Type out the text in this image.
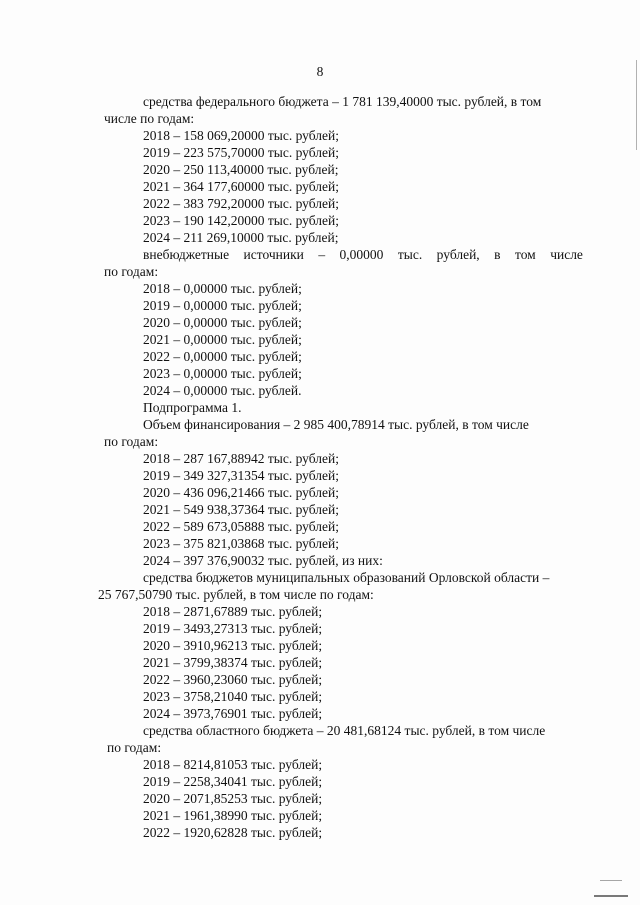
8
средства федерального бюджета – 1 781 139,40000 тыс. рублей, в том
числе по годам:
2018 – 158 069,20000 тыс. рублей;
2019 – 223 575,70000 тыс. рублей;
2020 – 250 113,40000 тыс. рублей;
2021 – 364 177,60000 тыс. рублей;
2022 – 383 792,20000 тыс. рублей;
2023 – 190 142,20000 тыс. рублей;
2024 – 211 269,10000 тыс. рублей;
внебюджетные источники – 0,00000 тыс. рублей, в том числе
по годам:
2018 – 0,00000 тыс. рублей;
2019 – 0,00000 тыс. рублей;
2020 – 0,00000 тыс. рублей;
2021 – 0,00000 тыс. рублей;
2022 – 0,00000 тыс. рублей;
2023 – 0,00000 тыс. рублей;
2024 – 0,00000 тыс. рублей.
Подпрограмма 1.
Объем финансирования – 2 985 400,78914 тыс. рублей, в том числе
по годам:
2018 – 287 167,88942 тыс. рублей;
2019 – 349 327,31354 тыс. рублей;
2020 – 436 096,21466 тыс. рублей;
2021 – 549 938,37364 тыс. рублей;
2022 – 589 673,05888 тыс. рублей;
2023 – 375 821,03868 тыс. рублей;
2024 – 397 376,90032 тыс. рублей, из них:
средства бюджетов муниципальных образований Орловской области –
25 767,50790 тыс. рублей, в том числе по годам:
2018 – 2871,67889 тыс. рублей;
2019 – 3493,27313 тыс. рублей;
2020 – 3910,96213 тыс. рублей;
2021 – 3799,38374 тыс. рублей;
2022 – 3960,23060 тыс. рублей;
2023 – 3758,21040 тыс. рублей;
2024 – 3973,76901 тыс. рублей;
средства областного бюджета – 20 481,68124 тыс. рублей, в том числе
по годам:
2018 – 8214,81053 тыс. рублей;
2019 – 2258,34041 тыс. рублей;
2020 – 2071,85253 тыс. рублей;
2021 – 1961,38990 тыс. рублей;
2022 – 1920,62828 тыс. рублей;
